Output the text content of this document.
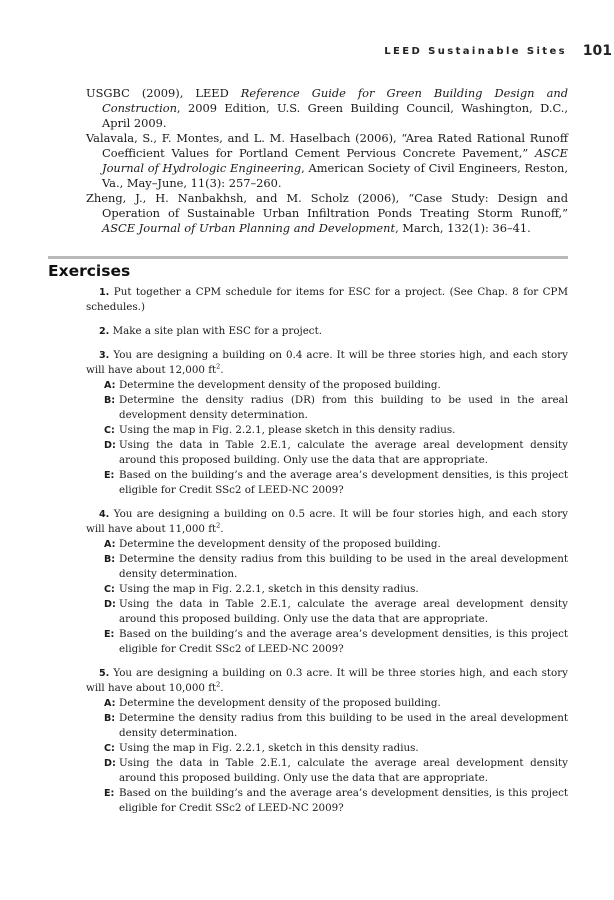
LEED Sustainable Sites 101

USGBC (2009), LEED Reference Guide for Green Building Design and Construction, 2009 Edition, U.S. Green Building Council, Washington, D.C., April 2009.

Valavala, S., F. Montes, and L. M. Haselbach (2006), “Area Rated Rational Runoff Coefficient Values for Portland Cement Pervious Concrete Pavement,” ASCE Journal of Hydrologic Engineering, American Society of Civil Engineers, Reston, Va., May–June, 11(3): 257–260.

Zheng, J., H. Nanbakhsh, and M. Scholz (2006), “Case Study: Design and Operation of Sustainable Urban Infiltration Ponds Treating Storm Runoff,” ASCE Journal of Urban Planning and Development, March, 132(1): 36–41.

Exercises

1. Put together a CPM schedule for items for ESC for a project. (See Chap. 8 for CPM schedules.)

2. Make a site plan with ESC for a project.

3. You are designing a building on 0.4 acre. It will be three stories high, and each story will have about 12,000 $ft^2$.

A: Determine the development density of the proposed building.
B: Determine the density radius (DR) from this building to be used in the areal development density determination.
C: Using the map in Fig. 2.2.1, please sketch in this density radius.
D: Using the data in Table 2.E.1, calculate the average areal development density around this proposed building. Only use the data that are appropriate.
E: Based on the building’s and the average area’s development densities, is this project eligible for Credit SSc2 of LEED-NC 2009?

4. You are designing a building on 0.5 acre. It will be four stories high, and each story will have about 11,000 $ft^2$.

A: Determine the development density of the proposed building.
B: Determine the density radius from this building to be used in the areal development density determination.
C: Using the map in Fig. 2.2.1, sketch in this density radius.
D: Using the data in Table 2.E.1, calculate the average areal development density around this proposed building. Only use the data that are appropriate.
E: Based on the building’s and the average area’s development densities, is this project eligible for Credit SSc2 of LEED-NC 2009?

5. You are designing a building on 0.3 acre. It will be three stories high, and each story will have about 10,000 $ft^2$.

A: Determine the development density of the proposed building.
B: Determine the density radius from this building to be used in the areal development density determination.
C: Using the map in Fig. 2.2.1, sketch in this density radius.
D: Using the data in Table 2.E.1, calculate the average areal development density around this proposed building. Only use the data that are appropriate.
E: Based on the building’s and the average area’s development densities, is this project eligible for Credit SSc2 of LEED-NC 2009?
